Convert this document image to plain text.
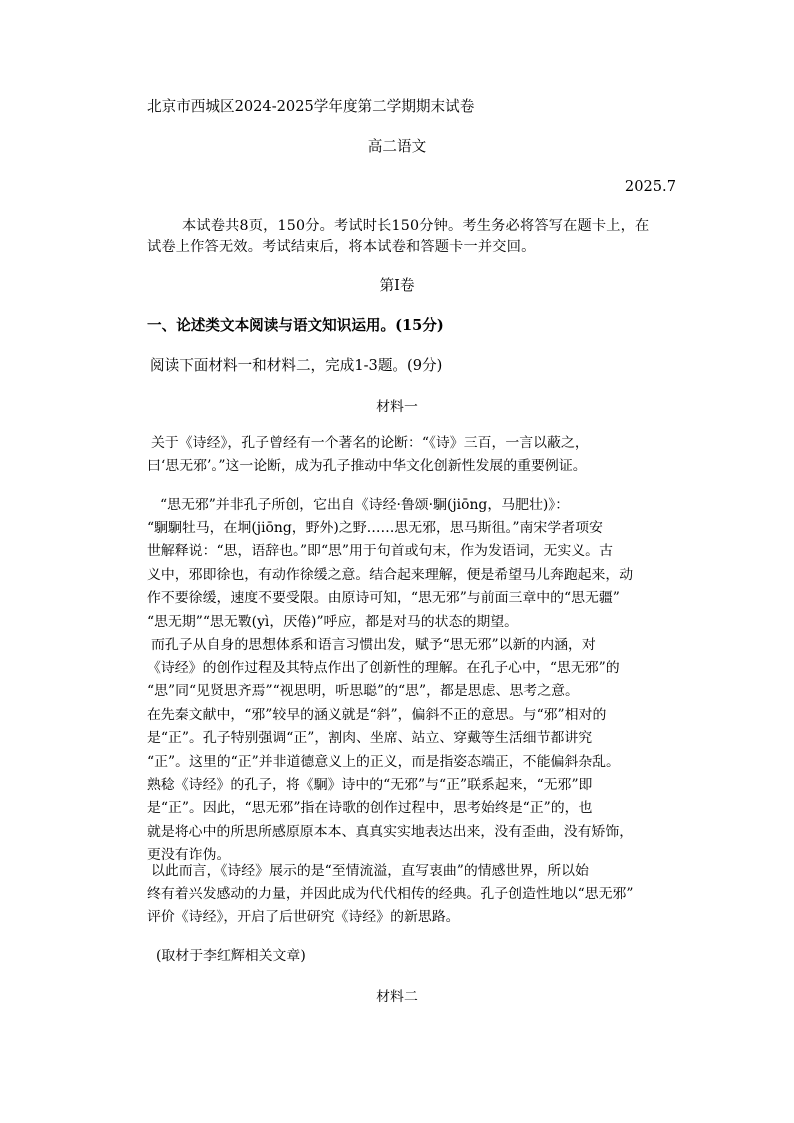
北京市西城区2024-2025学年度第二学期期末试卷
高二语文
2025.7
本试卷共8页，150分。考试时长150分钟。考生务必将答写在题卡上，在
试卷上作答无效。考试结束后，将本试卷和答题卡一并交回。
第Ⅰ卷
一、论述类文本阅读与语文知识运用。(15分)
阅读下面材料一和材料二，完成1-3题。(9分)
材料一
关于《诗经》，孔子曾经有一个著名的论断：“《诗》三百，一言以蔽之，
曰‘思无邪’。”这一论断，成为孔子推动中华文化创新性发展的重要例证。
“思无邪”并非孔子所创，它出自《诗经·鲁颂·駉(jiōng，马肥壮)》：
“駉駉牡马，在坰(jiōng，野外)之野……思无邪，思马斯徂。”南宋学者项安
世解释说：“思，语辞也。”即“思”用于句首或句末，作为发语词，无实义。古
义中，邪即徐也，有动作徐缓之意。结合起来理解，便是希望马儿奔跑起来，动
作不要徐缓，速度不要受限。由原诗可知，“思无邪”与前面三章中的“思无疆”
“思无期”“思无斁(yì，厌倦)”呼应，都是对马的状态的期望。
而孔子从自身的思想体系和语言习惯出发，赋予“思无邪”以新的内涵，对
《诗经》的创作过程及其特点作出了创新性的理解。在孔子心中，“思无邪”的
“思”同“见贤思齐焉”“视思明，听思聪”的“思”，都是思虑、思考之意。
在先秦文献中，“邪”较早的涵义就是“斜”，偏斜不正的意思。与“邪”相对的
是“正”。孔子特别强调“正”，割肉、坐席、站立、穿戴等生活细节都讲究
“正”。这里的“正”并非道德意义上的正义，而是指姿态端正，不能偏斜杂乱。
熟稔《诗经》的孔子，将《駉》诗中的“无邪”与“正”联系起来，“无邪”即
是“正”。因此，“思无邪”指在诗歌的创作过程中，思考始终是“正”的，也
就是将心中的所思所感原原本本、真真实实地表达出来，没有歪曲，没有矫饰，
更没有诈伪。
以此而言，《诗经》展示的是“至情流溢，直写衷曲”的情感世界，所以始
终有着兴发感动的力量，并因此成为代代相传的经典。孔子创造性地以“思无邪”
评价《诗经》，开启了后世研究《诗经》的新思路。
(取材于李红辉相关文章)
材料二
